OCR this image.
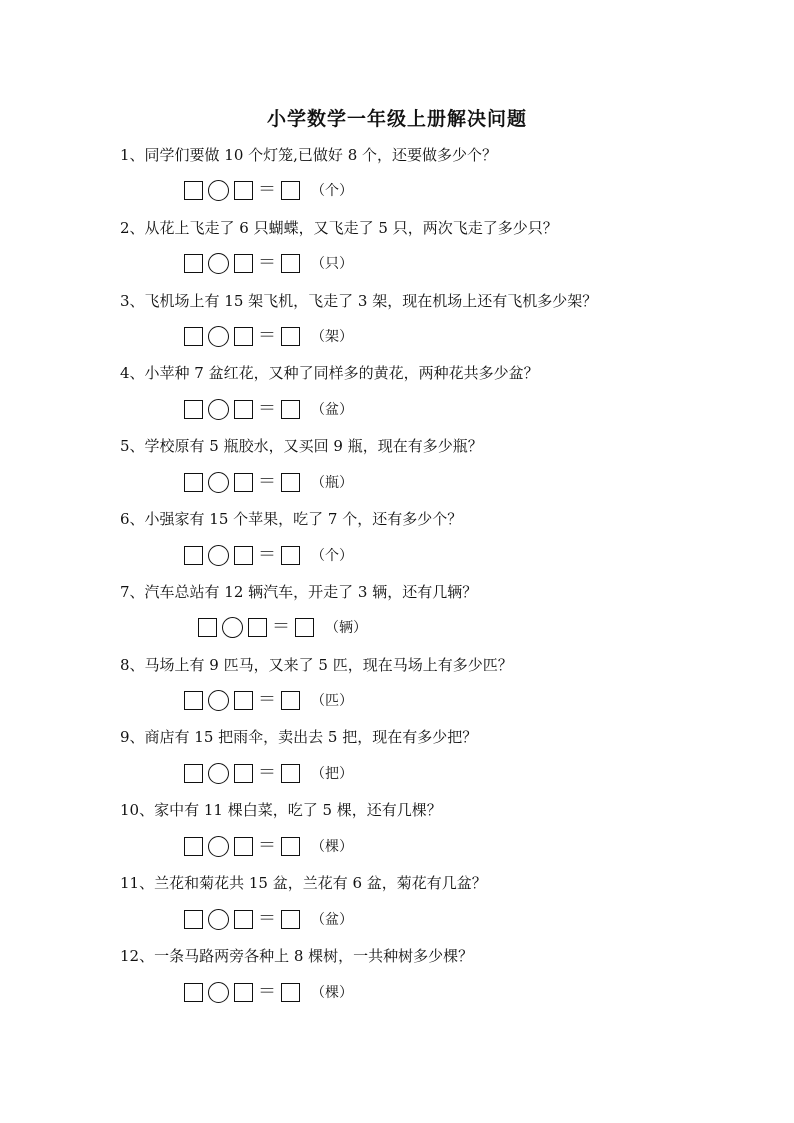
小学数学一年级上册解决问题
1、同学们要做 10 个灯笼,已做好 8 个，还要做多少个？
＝	（个）
2、从花上飞走了 6 只蝴蝶，又飞走了 5 只，两次飞走了多少只？
＝	（只）
3、飞机场上有 15 架飞机，飞走了 3 架，现在机场上还有飞机多少架？
＝	（架）
4、小苹种 7 盆红花，又种了同样多的黄花，两种花共多少盆？
＝	（盆）
5、学校原有 5 瓶胶水，又买回 9 瓶，现在有多少瓶？
＝	（瓶）
6、小强家有 15 个苹果，吃了 7 个，还有多少个？
＝	（个）
7、汽车总站有 12 辆汽车，开走了 3 辆，还有几辆？
＝	（辆）
8、马场上有 9 匹马，又来了 5 匹，现在马场上有多少匹？
＝	（匹）
9、商店有 15 把雨伞，卖出去 5 把，现在有多少把？
＝	（把）
10、家中有 11 棵白菜，吃了 5 棵，还有几棵？
＝	（棵）
11、兰花和菊花共 15 盆，兰花有 6 盆，菊花有几盆？
＝	（盆）
12、一条马路两旁各种上 8 棵树，一共种树多少棵？
＝	（棵）
